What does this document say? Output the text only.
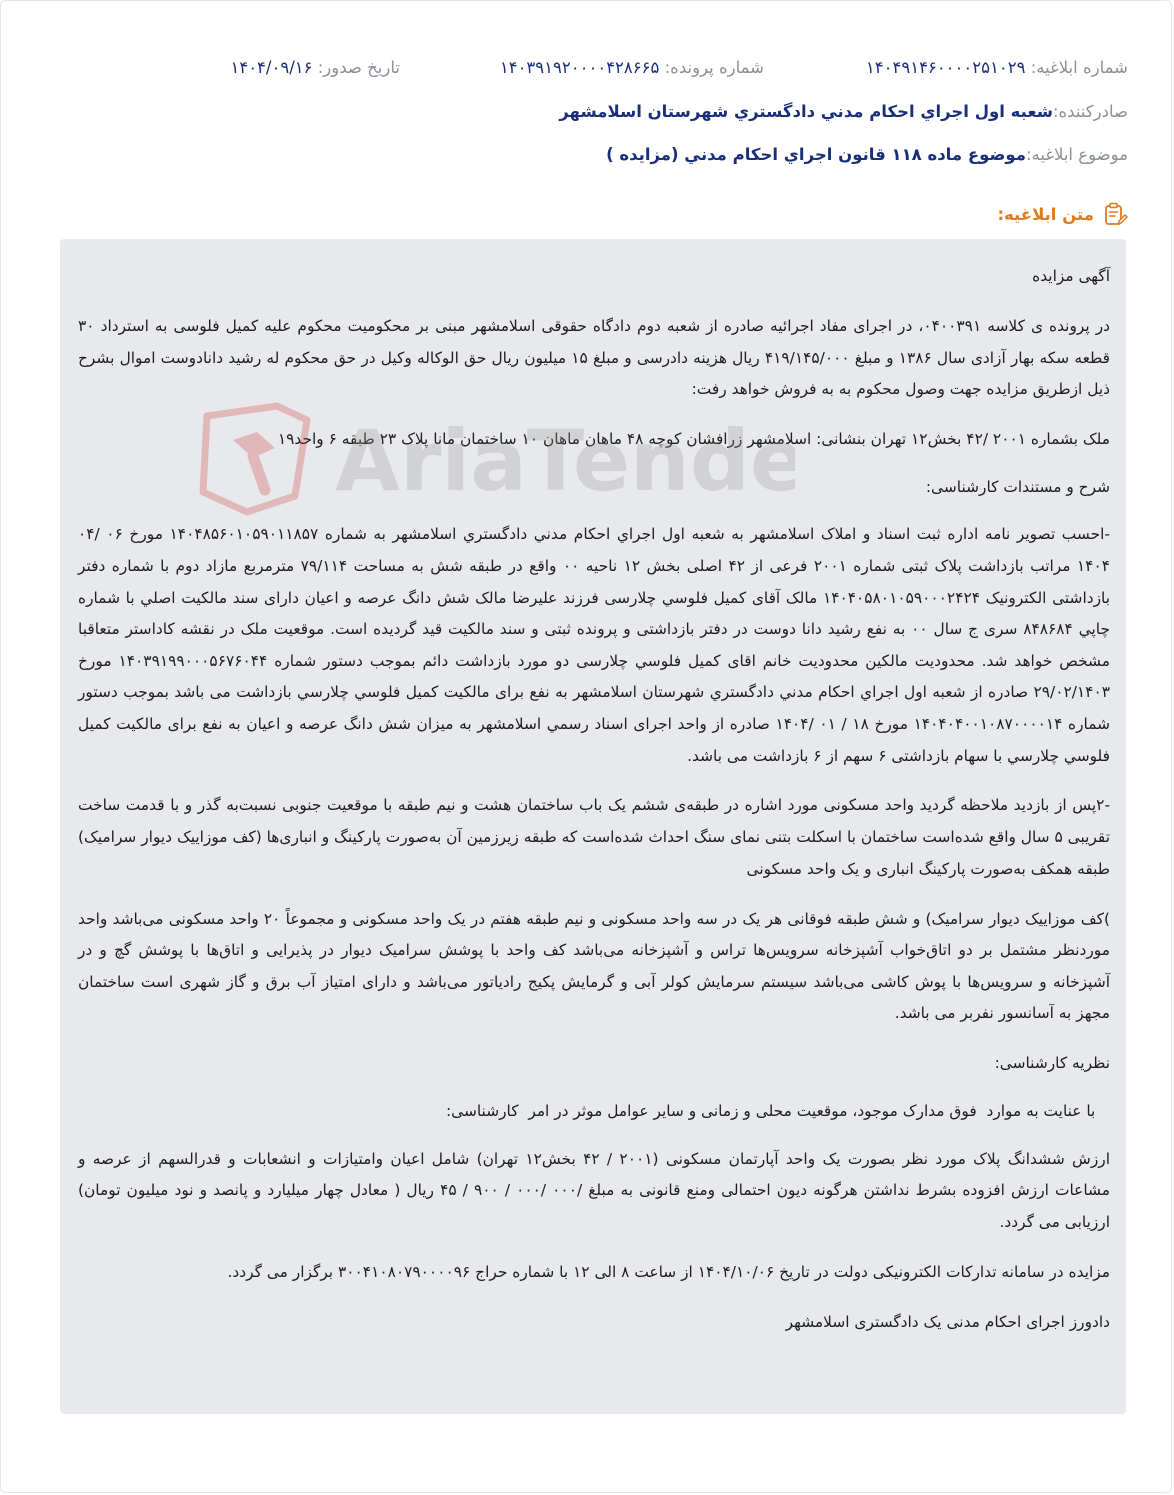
شماره ابلاغيه: ۱۴۰۴۹۱۴۶۰۰۰۰۲۵۱۰۲۹
شماره پرونده: ۱۴۰۳۹۱۹۲۰۰۰۰۴۲۸۶۶۵
تاریخ صدور: ۱۴۰۴/۰۹/۱۶
صادرکننده:
شعبه اول اجراي احكام مدني دادگستري شهرستان اسلامشهر
موضوع ابلاغیه:
موضوع ماده ۱۱۸ قانون اجراي احكام مدني (مزايده )
متن ابلاغیه:

آگهی مزایده

در پرونده ی کلاسه ۰۴۰۰۳۹۱، در اجرای مفاد اجرائیه صادره از شعبه دوم دادگاه حقوقی اسلامشهر مبنی بر محکومیت محکوم علیه کمیل فلوسی به استرداد ۳۰ قطعه سکه بهار آزادی سال ۱۳۸۶ و مبلغ ۴۱۹/۱۴۵/۰۰۰ ریال هزینه دادرسی و مبلغ ۱۵ میلیون ریال حق الوکاله وکیل در حق محکوم له رشید دانادوست اموال بشرح ذیل ازطریق مزایده جهت وصول محکوم به به فروش خواهد رفت:

ملک بشماره ۲۰۰۱ /۴۲ بخش۱۲ تهران بنشانی: اسلامشهر زرافشان کوچه ۴۸ ماهان ماهان ۱۰ ساختمان مانا پلاک ۲۳ طبقه ۶ واحد۱۹

شرح و مستندات کارشناسی:

-احسب تصویر نامه اداره ثبت اسناد و املاک اسلامشهر به شعبه اول اجراي احكام مدني دادگستري اسلامشهر به شماره ۱۴۰۴۸۵۶۰۱۰۵۹۰۱۱۸۵۷ مورخ ۰۶ /۰۴ ۱۴۰۴ مراتب بازداشت پلاک ثبتی شماره ۲۰۰۱ فرعی از ۴۲ اصلی بخش ۱۲ ناحیه ۰۰ واقع در طبقه شش به مساحت ۷۹/۱۱۴ مترمربع مازاد دوم با شماره دفتر بازداشتی الکترونیک ۱۴۰۴۰۵۸۰۱۰۵۹۰۰۰۲۴۲۴ مالک آقای کمیل فلوسي چلارسی فرزند علیرضا مالک شش دانگ عرصه و اعیان دارای سند مالکیت اصلي با شماره چاپي ۸۴۸۶۸۴ سری ج سال ۰۰ به نفع رشید دانا دوست در دفتر بازداشتی و پرونده ثبتی و سند مالکیت قید گردیده است. موقعیت ملک در نقشه کاداستر متعاقبا مشخص خواهد شد. محدودیت مالکین محدودیت خانم اقای کمیل فلوسي چلارسی دو مورد بازداشت دائم بموجب دستور شماره ۱۴۰۳۹۱۹۹۰۰۰۵۶۷۶۰۴۴ مورخ ۲۹/۰۲/۱۴۰۳ صادره از شعبه اول اجراي احكام مدني دادگستري شهرستان اسلامشهر به نفع برای مالکیت کمیل فلوسي چلارسي بازداشت می باشد بموجب دستور شماره ۱۴۰۴۰۴۰۰۱۰۸۷۰۰۰۰۱۴ مورخ ۱۸ / ۰۱ /۱۴۰۴ صادره از واحد اجرای اسناد رسمي اسلامشهر به میزان شش دانگ عرصه و اعیان به نفع برای مالکیت کمیل فلوسي چلارسي با سهام بازداشتی ۶ سهم از ۶ بازداشت می باشد.

-۲پس از بازدید ملاحظه گردید واحد مسکونی مورد اشاره در طبقه‌ی ششم یک باب ساختمان هشت و نیم طبقه با موقعیت جنوبی نسبت‌به گذر و با قدمت ساخت تقریبی ۵ سال واقع شده‌است ساختمان با اسکلت بتنی نمای سنگ احداث شده‌است که طبقه زیرزمین آن به‌صورت پارکینگ و انباری‌ها (کف موزاییک دیوار سرامیک) طبقه همکف به‌صورت پارکینگ انباری و یک واحد مسکونی

)کف موزاییک دیوار سرامیک) و شش طبقه فوقانی هر یک در سه واحد مسکونی و نیم طبقه هفتم در یک واحد مسکونی و مجموعاً ۲۰ واحد مسکونی می‌باشد واحد موردنظر مشتمل بر دو اتاق‌خواب آشپزخانه سرویس‌ها تراس و آشپزخانه می‌باشد کف واحد با پوشش سرامیک دیوار در پذیرایی و اتاق‌ها با پوشش گچ و در آشپزخانه و سرویس‌ها با پوش کاشی می‌باشد سیستم سرمایش کولر آبی و گرمایش پکیج رادیاتور می‌باشد و دارای امتیاز آب برق و گاز شهری است ساختمان مجهز به آسانسور نفربر می باشد.

نظریه کارشناسی:

با عنایت به موارد  فوق مدارک موجود، موقعیت محلی و زمانی و سایر عوامل موثر در امر  کارشناسی:

ارزش ششدانگ پلاک مورد نظر بصورت یک واحد آپارتمان مسکونی (۲۰۰۱ / ۴۲ بخش۱۲ تهران) شامل اعیان وامتیازات و انشعابات و قدرالسهم از عرصه و مشاعات ارزش افزوده بشرط نداشتن هرگونه دیون احتمالی ومنع قانونی به مبلغ /۰۰۰ /۰۰۰ / ۹۰۰ / ۴۵ ریال ( معادل چهار میلیارد و پانصد و نود میلیون تومان) ارزیابی می گردد.

مزایده در سامانه تدارکات الکترونیکی دولت در تاریخ ۱۴۰۴/۱۰/۰۶ از ساعت ۸ الی ۱۲ با شماره حراج ۳۰۰۴۱۰۸۰۷۹۰۰۰۰۹۶ برگزار می گردد.

دادورز اجرای احکام مدنی یک دادگستری اسلامشهر

AriaTende
